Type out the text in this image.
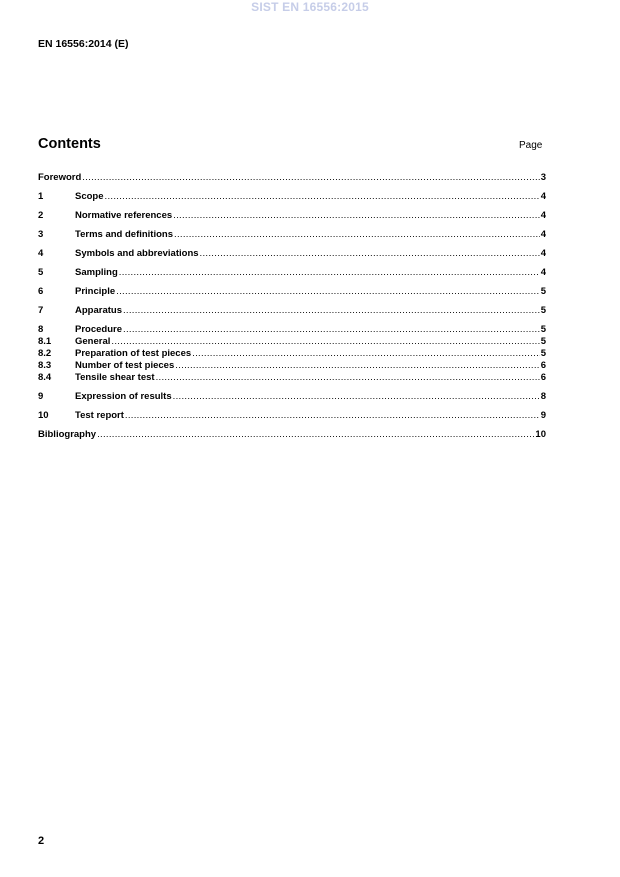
SIST EN 16556:2015
EN 16556:2014 (E)
Contents	Page
Foreword .....	3
1	Scope .....	4
2	Normative references .....	4
3	Terms and definitions .....	4
4	Symbols and abbreviations .....	4
5	Sampling .....	4
6	Principle .....	5
7	Apparatus .....	5
8	Procedure .....	5
8.1	General .....	5
8.2	Preparation of test pieces .....	5
8.3	Number of test pieces .....	6
8.4	Tensile shear test .....	6
9	Expression of results .....	8
10	Test report .....	9
Bibliography .....	10
2
